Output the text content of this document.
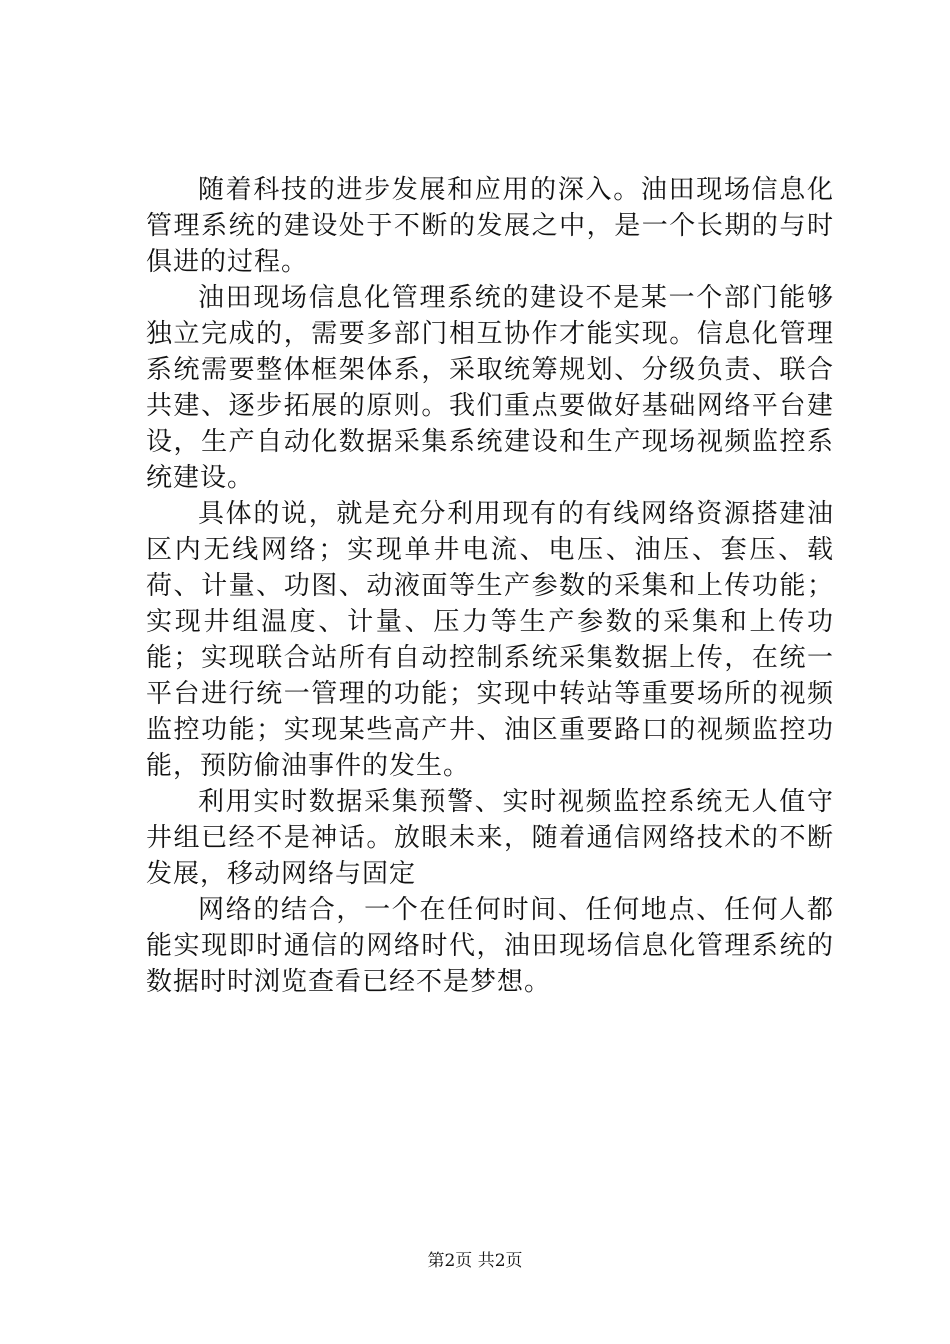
随着科技的进步发展和应用的深入。油田现场信息化管理系统的建设处于不断的发展之中，是一个长期的与时俱进的过程。

油田现场信息化管理系统的建设不是某一个部门能够独立完成的，需要多部门相互协作才能实现。信息化管理系统需要整体框架体系，采取统筹规划、分级负责、联合共建、逐步拓展的原则。我们重点要做好基础网络平台建设，生产自动化数据采集系统建设和生产现场视频监控系统建设。

具体的说，就是充分利用现有的有线网络资源搭建油区内无线网络；实现单井电流、电压、油压、套压、载荷、计量、功图、动液面等生产参数的采集和上传功能；实现井组温度、计量、压力等生产参数的采集和上传功能；实现联合站所有自动控制系统采集数据上传，在统一平台进行统一管理的功能；实现中转站等重要场所的视频监控功能；实现某些高产井、油区重要路口的视频监控功能，预防偷油事件的发生。

利用实时数据采集预警、实时视频监控系统无人值守井组已经不是神话。放眼未来，随着通信网络技术的不断发展，移动网络与固定

网络的结合，一个在任何时间、任何地点、任何人都能实现即时通信的网络时代，油田现场信息化管理系统的数据时时浏览查看已经不是梦想。

第2页 共2页
